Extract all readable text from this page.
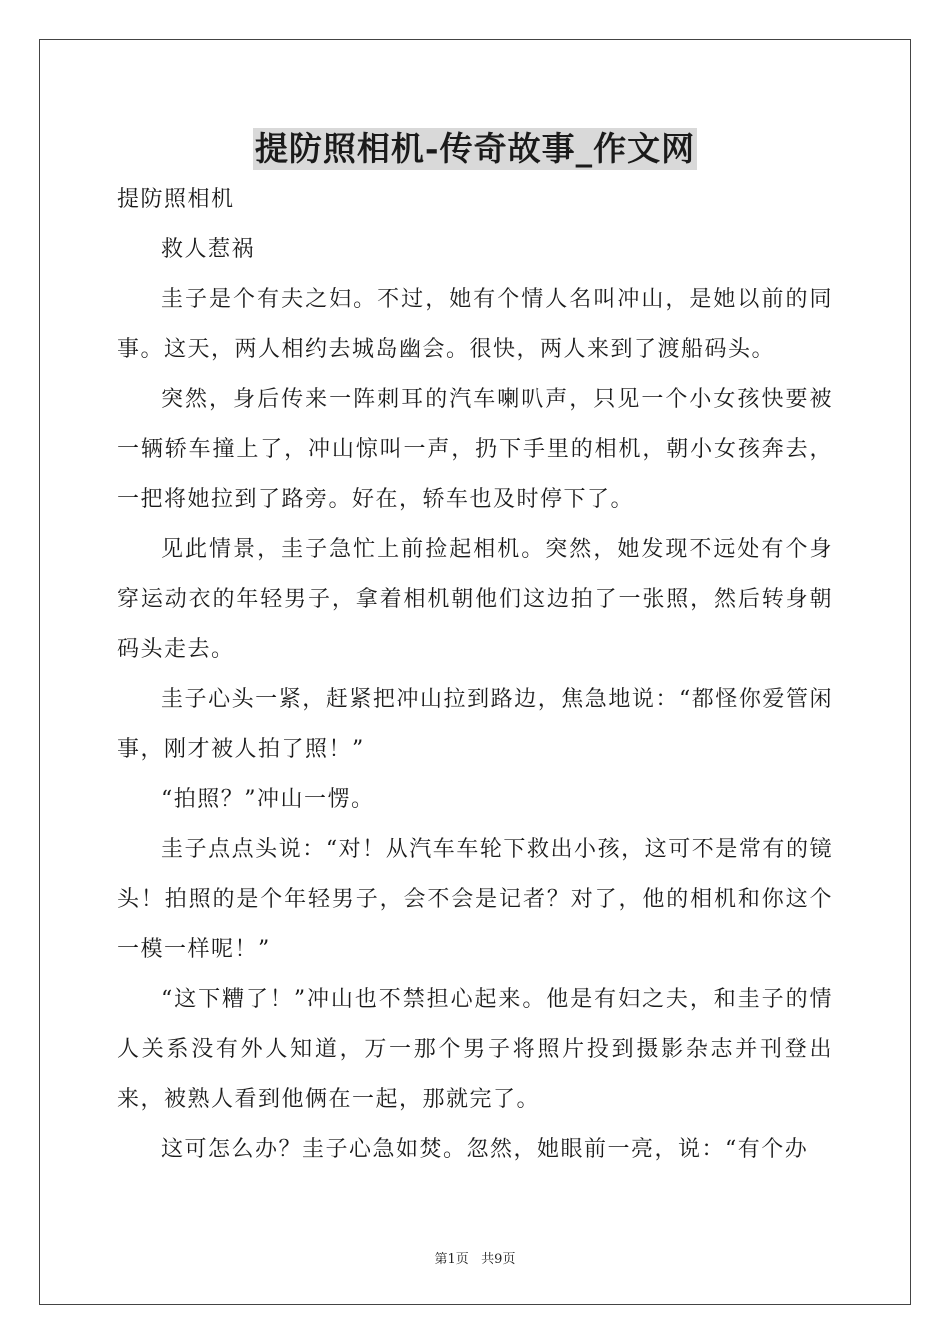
提防照相机-传奇故事_作文网

提防照相机

救人惹祸

圭子是个有夫之妇。不过，她有个情人名叫冲山，是她以前的同事。这天，两人相约去城岛幽会。很快，两人来到了渡船码头。

突然，身后传来一阵刺耳的汽车喇叭声，只见一个小女孩快要被一辆轿车撞上了，冲山惊叫一声，扔下手里的相机，朝小女孩奔去，一把将她拉到了路旁。好在，轿车也及时停下了。

见此情景，圭子急忙上前捡起相机。突然，她发现不远处有个身穿运动衣的年轻男子，拿着相机朝他们这边拍了一张照，然后转身朝码头走去。

圭子心头一紧，赶紧把冲山拉到路边，焦急地说：“都怪你爱管闲事，刚才被人拍了照！”

“拍照？”冲山一愣。

圭子点点头说：“对！从汽车车轮下救出小孩，这可不是常有的镜头！拍照的是个年轻男子，会不会是记者？对了，他的相机和你这个一模一样呢！”

“这下糟了！”冲山也不禁担心起来。他是有妇之夫，和圭子的情人关系没有外人知道，万一那个男子将照片投到摄影杂志并刊登出来，被熟人看到他俩在一起，那就完了。

这可怎么办？圭子心急如焚。忽然，她眼前一亮，说：“有个办

第1页   共9页
